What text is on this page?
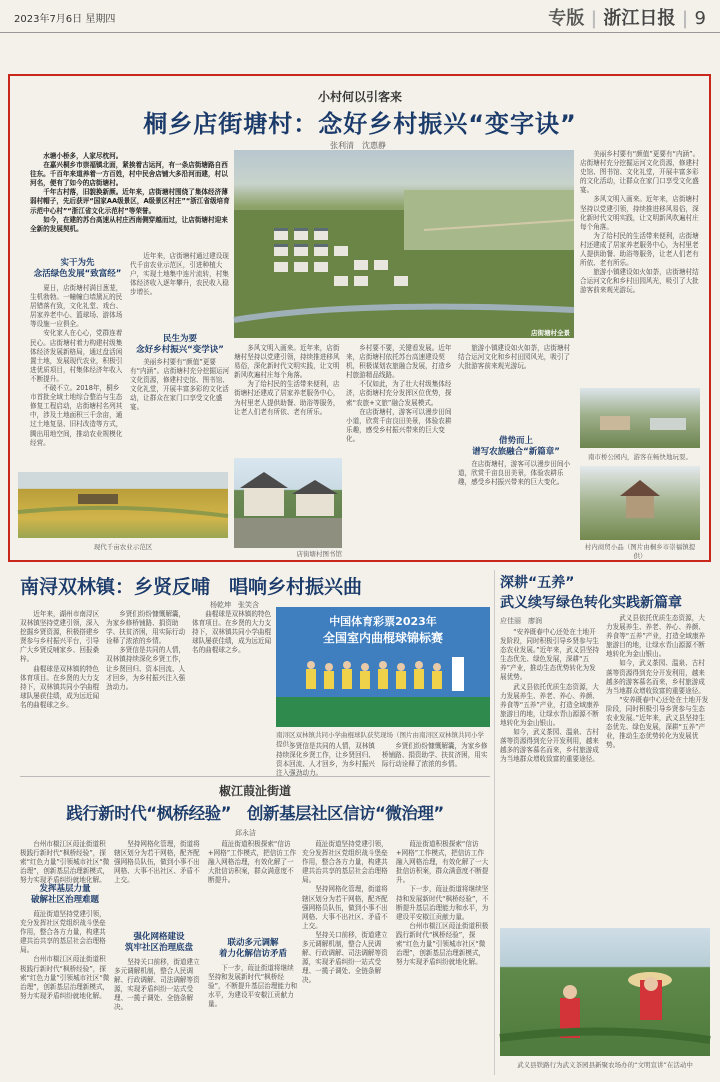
2023年7月6日 星期四	专版 | 浙江日报 | 9
小村何以引客来
桐乡店街塘村：念好乡村振兴“变字诀”
张利清　沈惠静

水塘小桥多，人家尽枕河。

在嘉兴桐乡市崇福镇北面，紧挨着古运河，有一条店街塘路自西往东。千百年来道养着一方百姓，村中民舍店铺大多沿河而建，村以河名，便有了如今的店街塘村。

千年古村落，旧貌换新颜。近年来，店街塘村围绕了集体经济薄弱村帽子，先后获评“国家AA级景区，A级景区村庄”“浙江省级培育示范中心村”“浙江省文化示范村”等荣誉。

如今，在建的苏台高速从村庄西南侧穿越而过，让店街塘村迎来全新的发展契机。

店街塘村全景

美丽乡村要有“颜值”更要有“内涵”。店街塘村充分挖掘运河文化资源，修建村史馆、图书馆、文化礼堂，开展丰富多彩的文化活动，让群众在家门口享受文化盛宴。

多风文明入画来。近年来，店街塘村坚持以党建引领，持续推进移风易俗，深化新时代文明实践，让文明新风吹遍村庄每个角落。

为了给村民的生活带来便利，店街塘村还建成了居家养老服务中心，为村里老人提供助餐、助浴等服务，让老人们老有所依、老有所乐。

旅游小镇建设如火如荼，店街塘村结合运河文化和乡村田园风光，吸引了大批游客前来观光游玩。

实干为先
念活绿色发展“致富经”

夏日，店街塘村满目葱茏，生机勃勃。一幢幢白墙黛瓦的民居错落有致，文化礼堂、戏台、居家养老中心、篮球场、游体场等设施一应俱全。

安化家人在心心，党群连着民心。店街塘村着力构建村级集体经济发展新格局，通过盘活闲置土地，发展现代农业，积极引进优质项目，村集体经济年收入不断提升。

不破不立。2018年，桐乡市首批全域土地综合整治与生态修复工程启动，店街塘村名列其中，涉及土地面积三千余亩，通过土地复垦、旧村改造等方式，腾出用地空间，推动农业规模化经营。

近年来，店街塘村通过建设现代千亩农业示范区，引进种植大户，实现土地集中连片流转，村集体经济收入逐年攀升，农民收入稳步增长。

民生为要
念好乡村振兴“变学诀”

美丽乡村要有“颜值”更要有“内涵”。店街塘村充分挖掘运河文化资源，修建村史馆、图书馆、文化礼堂，开展丰富多彩的文化活动，让群众在家门口享受文化盛宴。

多风文明入画来。近年来，店街塘村坚持以党建引领，持续推进移风易俗，深化新时代文明实践，让文明新风吹遍村庄每个角落。

为了给村民的生活带来便利，店街塘村还建成了居家养老服务中心，为村里老人提供助餐、助浴等服务，让老人们老有所依、老有所乐。

乡村要不要，关键看发展。近年来，店街塘村依托苏台高速建设契机，积极谋划农旅融合发展，打造乡村旅游精品线路。

不仅如此，为了壮大村级集体经济，店街塘村充分发挥区位优势，探索“农旅+文旅”融合发展模式。

在店街塘村，游客可以漫步田间小道，欣赏千亩良田美景，体验农耕乐趣，感受乡村振兴带来的巨大变化。

旅游小镇建设如火如荼，店街塘村结合运河文化和乡村田园风光，吸引了大批游客前来观光游玩。

借势而上
谱写农旅融合“新篇章”

在店街塘村，游客可以漫步田间小道，欣赏千亩良田美景，体验农耕乐趣，感受乡村振兴带来的巨大变化。

现代千亩农业示范区
店街塘村图书馆
南市桥公园内，游客在畅快地玩耍。
村内商贸小品（图片由桐乡市崇福镇提供）
南浔双林镇：乡贤反哺　唱响乡村振兴曲
杨乾坤　张笑含

近年来，湖州市南浔区双林镇坚持党建引领，深入挖掘乡贤资源，积极搭建乡贤参与乡村振兴平台，引导广大乡贤反哺家乡、回报桑梓。

曲棍球是双林镇的特色体育项目。在乡贤的大力支持下，双林镇共同小学曲棍球队屡获佳绩，成为远近闻名的曲棍球之乡。

乡贤们纷纷慷慨解囊，为家乡修桥铺路、捐资助学、扶贫济困，用实际行动诠释了浓浓的乡情。

多贤信是共同的人情，双林镇持续深化乡贤工作，让乡贤回归、资本回流、人才回乡，为乡村振兴注入强劲动力。

曲棍球是双林镇的特色体育项目。在乡贤的大力支持下，双林镇共同小学曲棍球队屡获佳绩，成为远近闻名的曲棍球之乡。

中国体育彩票2023年
全国室内曲棍球锦标赛
南浔区双林镇共同小学曲棍球队获奖现场（图片由南浔区双林镇共同小学提供）

多贤信是共同的人情，双林镇持续深化乡贤工作，让乡贤回归、资本回流、人才回乡，为乡村振兴注入强劲动力。

乡贤们纷纷慷慨解囊，为家乡修桥铺路、捐资助学、扶贫济困，用实际行动诠释了浓浓的乡情。

深耕“五养”
武义续写绿色转化实践新篇章
应佳丽　廖润

“安养既春中心还处在土地开发阶段，同时积极引导乡贤参与生态农业发展。”近年来，武义县坚持生态优先、绿色发展，深耕“五养”产业，推动生态优势转化为发展优势。

武义县依托优质生态资源，大力发展养生、养老、养心、养颜、养食等“五养”产业，打造全域康养旅游目的地，让绿水青山源源不断地转化为金山银山。

如今，武义茶园、温泉、古村落等资源得到充分开发利用，越来越多的游客慕名而来，乡村旅游成为当地群众增收致富的重要途径。

武义县依托优质生态资源，大力发展养生、养老、养心、养颜、养食等“五养”产业，打造全域康养旅游目的地，让绿水青山源源不断地转化为金山银山。

如今，武义茶园、温泉、古村落等资源得到充分开发利用，越来越多的游客慕名而来，乡村旅游成为当地群众增收致富的重要途径。

“安养既春中心还处在土地开发阶段，同时积极引导乡贤参与生态农业发展。”近年来，武义县坚持生态优先、绿色发展，深耕“五养”产业，推动生态优势转化为发展优势。

武义县铁路行为武义茶园县新聚农场办的“文明宣讲”在活动中
椒江葭沚街道
践行新时代“枫桥经验”　创新基层社区信访“微治理”
邱永洁

台州市椒江区葭沚街道积极践行新时代“枫桥经验”，探索“红色力量”引领城市社区“微治理”，创新基层治理新模式，努力实现矛盾纠纷就地化解。

发挥基层力量
破解社区治理难题

葭沚街道坚持党建引领，充分发挥社区党组织战斗堡垒作用，整合各方力量，构建共建共治共享的基层社会治理格局。

台州市椒江区葭沚街道积极践行新时代“枫桥经验”，探索“红色力量”引领城市社区“微治理”，创新基层治理新模式，努力实现矛盾纠纷就地化解。

坚持网格化管理，街道将辖区划分为若干网格，配齐配强网格员队伍，做到小事不出网格、大事不出社区、矛盾不上交。

强化网格建设
筑牢社区治理底盘

坚持关口前移，街道建立多元调解机制，整合人民调解、行政调解、司法调解等资源，实现矛盾纠纷一站式受理、一揽子调处、全链条解决。

葭沚街道积极探索“信访+网格”工作模式，把信访工作融入网格治理，有效化解了一大批信访积案，群众满意度不断提升。

联动多元调解
着力化解信访矛盾

下一步，葭沚街道将继续坚持和发展新时代“枫桥经验”，不断提升基层治理能力和水平，为建设平安椒江贡献力量。

葭沚街道坚持党建引领，充分发挥社区党组织战斗堡垒作用，整合各方力量，构建共建共治共享的基层社会治理格局。

坚持网格化管理，街道将辖区划分为若干网格，配齐配强网格员队伍，做到小事不出网格、大事不出社区、矛盾不上交。

坚持关口前移，街道建立多元调解机制，整合人民调解、行政调解、司法调解等资源，实现矛盾纠纷一站式受理、一揽子调处、全链条解决。

葭沚街道积极探索“信访+网格”工作模式，把信访工作融入网格治理，有效化解了一大批信访积案，群众满意度不断提升。

下一步，葭沚街道将继续坚持和发展新时代“枫桥经验”，不断提升基层治理能力和水平，为建设平安椒江贡献力量。

台州市椒江区葭沚街道积极践行新时代“枫桥经验”，探索“红色力量”引领城市社区“微治理”，创新基层治理新模式，努力实现矛盾纠纷就地化解。
